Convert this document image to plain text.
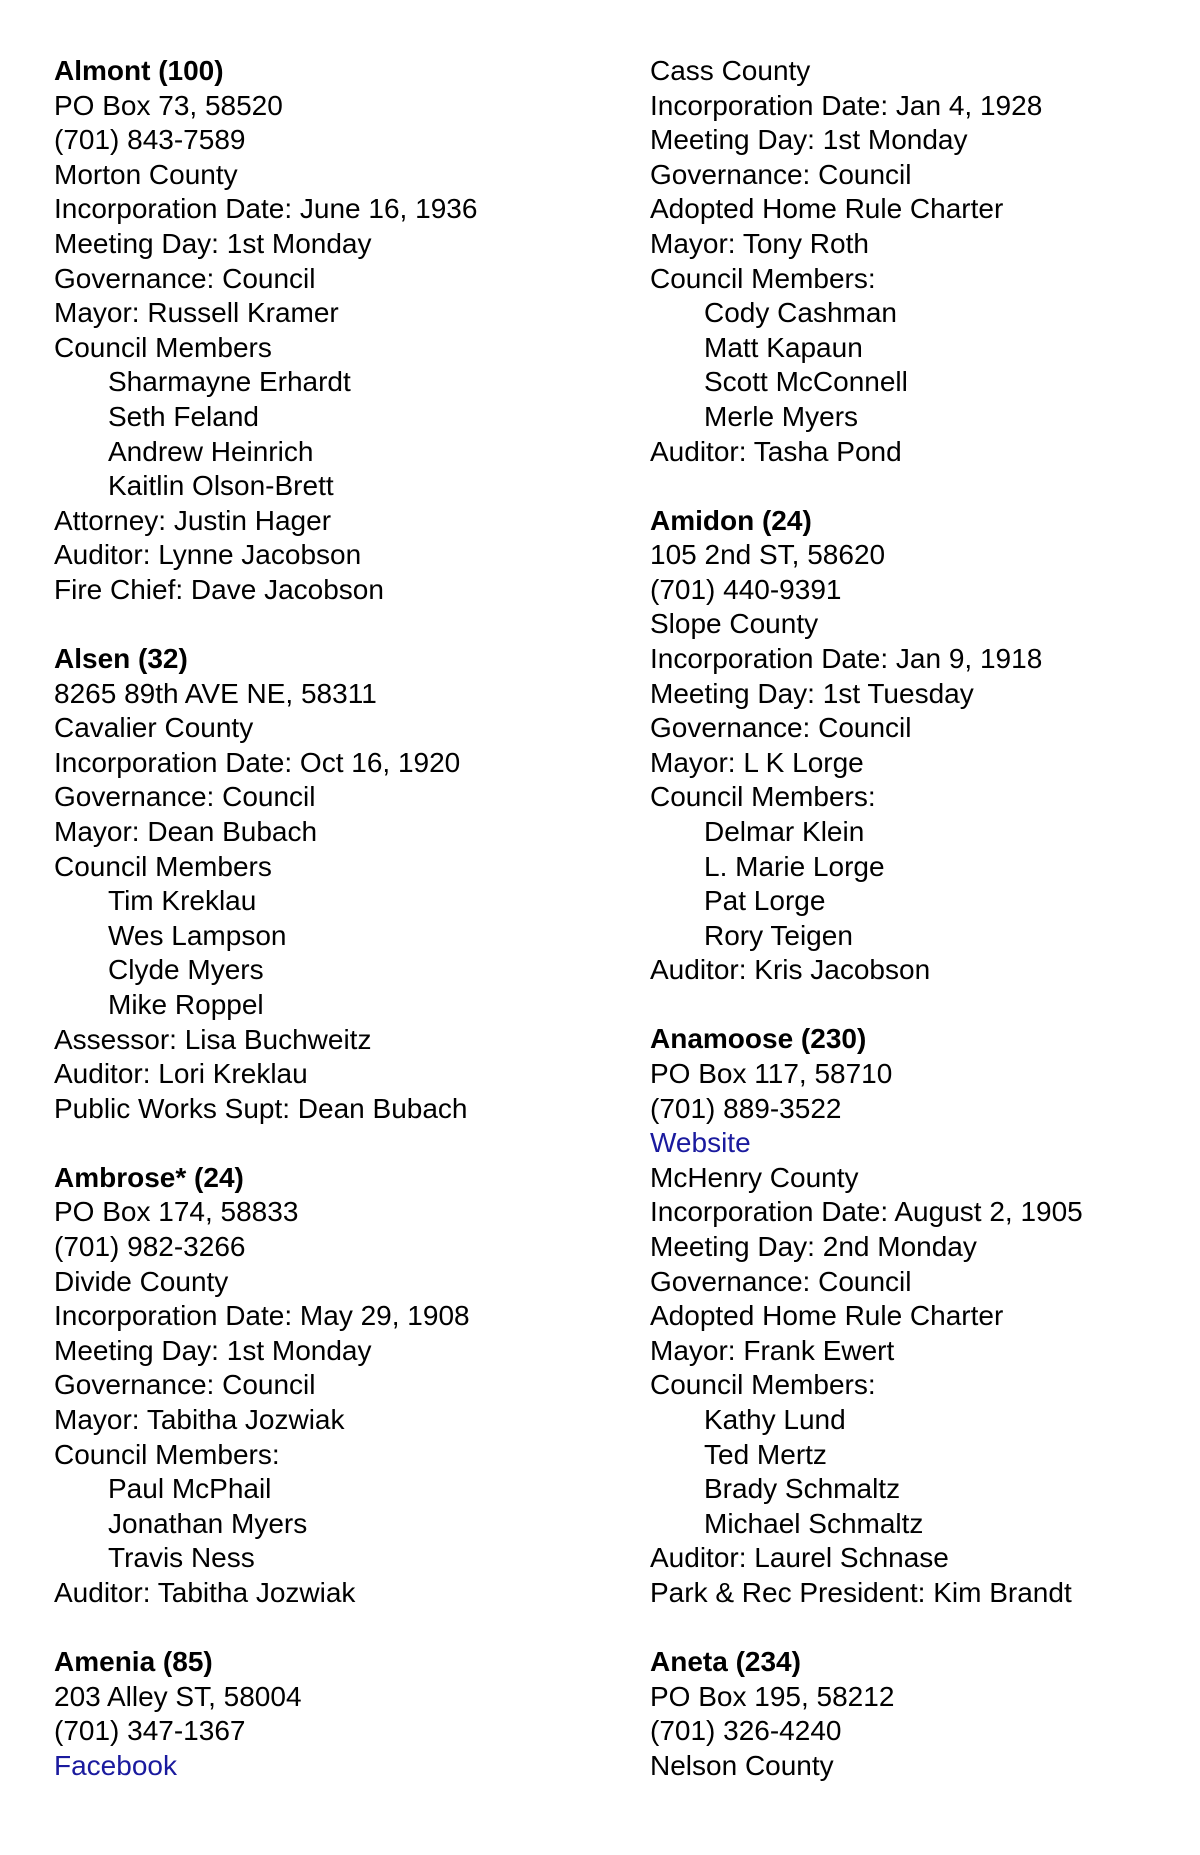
Almont (100)
PO Box 73, 58520
(701) 843-7589
Morton County
Incorporation Date: June 16, 1936
Meeting Day: 1st Monday
Governance: Council
Mayor: Russell Kramer
Council Members
Sharmayne Erhardt
Seth Feland
Andrew Heinrich
Kaitlin Olson-Brett
Attorney: Justin Hager
Auditor: Lynne Jacobson
Fire Chief: Dave Jacobson
Alsen (32)
8265 89th AVE NE, 58311
Cavalier County
Incorporation Date: Oct 16, 1920
Governance: Council
Mayor: Dean Bubach
Council Members
Tim Kreklau
Wes Lampson
Clyde Myers
Mike Roppel
Assessor: Lisa Buchweitz
Auditor: Lori Kreklau
Public Works Supt: Dean Bubach
Ambrose* (24)
PO Box 174, 58833
(701) 982-3266
Divide County
Incorporation Date: May 29, 1908
Meeting Day: 1st Monday
Governance: Council
Mayor: Tabitha Jozwiak
Council Members:
Paul McPhail
Jonathan Myers
Travis Ness
Auditor: Tabitha Jozwiak
Amenia (85)
203 Alley ST, 58004
(701) 347-1367
Facebook
Cass County
Incorporation Date: Jan 4, 1928
Meeting Day: 1st Monday
Governance: Council
Adopted Home Rule Charter
Mayor: Tony Roth
Council Members:
Cody Cashman
Matt Kapaun
Scott McConnell
Merle Myers
Auditor: Tasha Pond
Amidon (24)
105 2nd ST, 58620
(701) 440-9391
Slope County
Incorporation Date: Jan 9, 1918
Meeting Day: 1st Tuesday
Governance: Council
Mayor: L K Lorge
Council Members:
Delmar Klein
L. Marie Lorge
Pat Lorge
Rory Teigen
Auditor: Kris Jacobson
Anamoose (230)
PO Box 117, 58710
(701) 889-3522
Website
McHenry County
Incorporation Date: August 2, 1905
Meeting Day: 2nd Monday
Governance: Council
Adopted Home Rule Charter
Mayor: Frank Ewert
Council Members:
Kathy Lund
Ted Mertz
Brady Schmaltz
Michael Schmaltz
Auditor: Laurel Schnase
Park & Rec President: Kim Brandt
Aneta (234)
PO Box 195, 58212
(701) 326-4240
Nelson County
